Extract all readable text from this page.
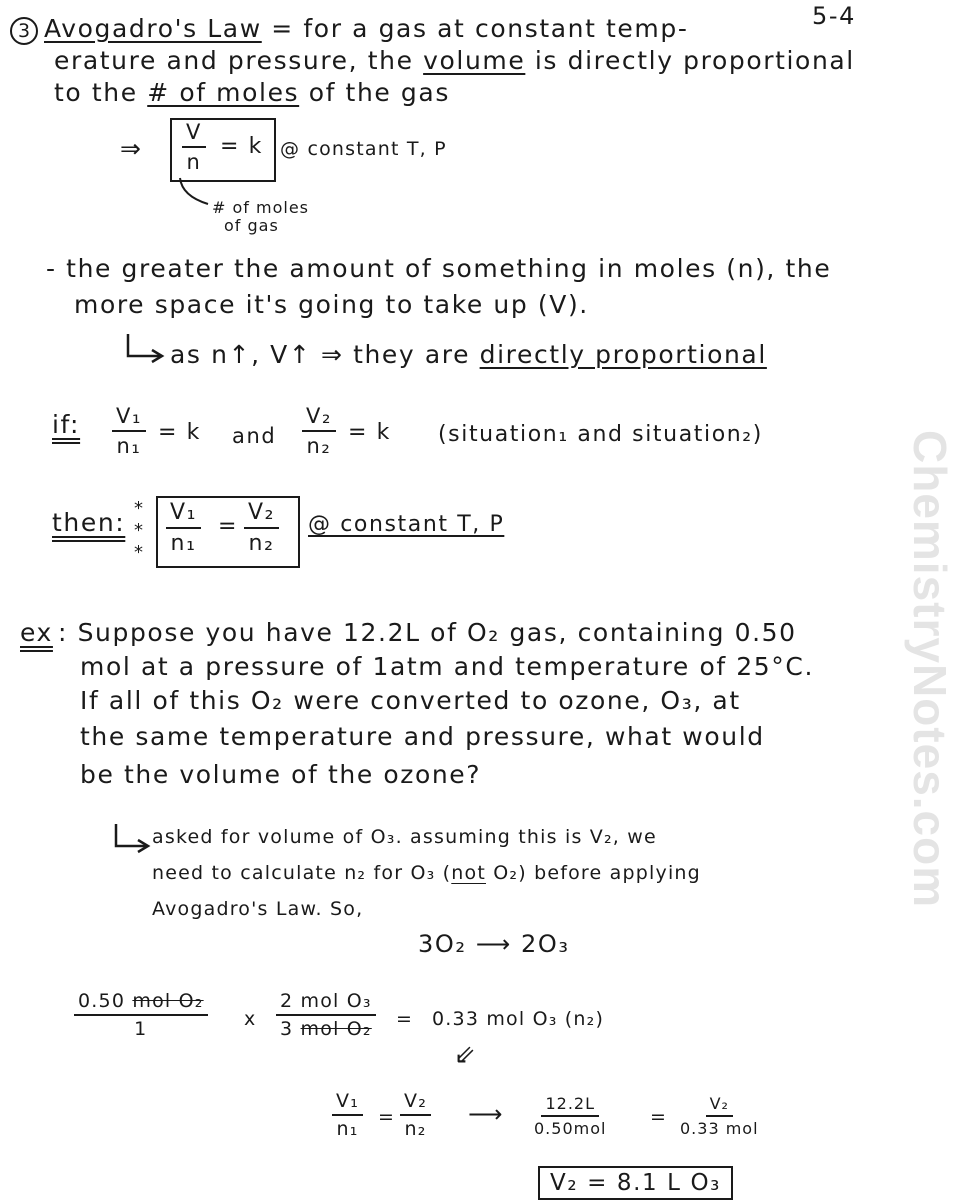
ChemistryNotes.com
5-4
3 Avogadro's Law = for a gas at constant temp-
erature and pressure, the volume is directly proportional
to the # of moles of the gas
⇒ $\frac{V}{n} = k$ @ constant T, P
# of moles
of gas
- the greater the amount of something in moles (n), the
more space it's going to take up (V).
as n↑, V↑ ⇒ they are directly proportional
if: $\frac{\text{V₁}}{\text{n₁}} = k$ and $\frac{\text{V₂}}{\text{n₂}} = k$ (situation₁ and situation₂)
then: *
*
* $\frac{\text{V₁}}{\text{n₁}} = \frac{\text{V₂}}{\text{n₂}}$ @ constant T, P
ex : Suppose you have 12.2L of O₂ gas, containing 0.50
mol at a pressure of 1atm and temperature of 25°C.
If all of this O₂ were converted to ozone, O₃, at
the same temperature and pressure, what would
be the volume of the ozone?
asked for volume of O₃. assuming this is V₂, we
need to calculate n₂ for O₃ (not O₂) before applying
Avogadro's Law. So,
3O₂ ⟶ 2O₃
0.50 mol O₂
1	x
2 mol O₃
3 mol O₂ = 0.33 mol O₃ (n₂)
⇙
$\frac{\text{V₁}}{\text{n₁}} = \frac{\text{V₂}}{\text{n₂}}$ ⟶	12.2L
0.50mol
=
V₂
0.33 mol
V₂ = 8.1 L O₃
